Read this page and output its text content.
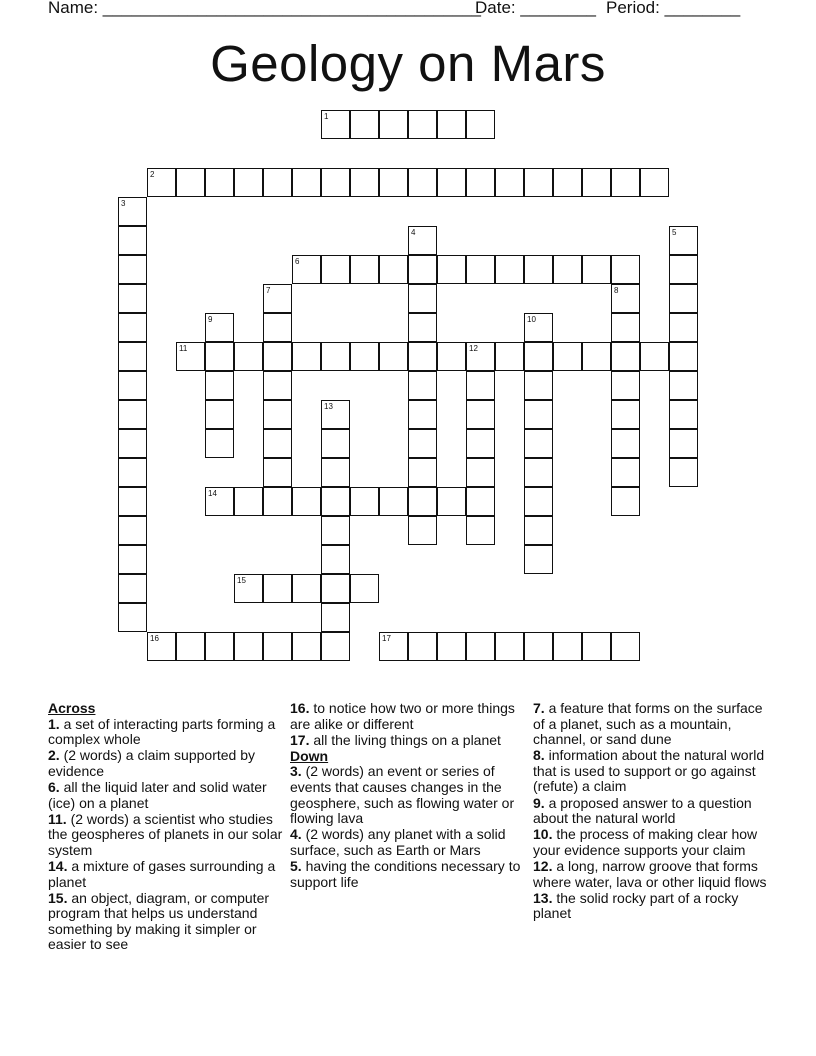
Name: ________________________________________
Date: ________ Period: ________
Geology on Mars
1
2
3
4	5
6
7	8
9	10
11	12
13
14
15
16	17
Across
1. a set of interacting parts forming a complex whole
2. (2 words) a claim supported by evidence
6. all the liquid later and solid water (ice) on a planet
11. (2 words) a scientist who studies the geospheres of planets in our solar system
14. a mixture of gases surrounding a planet
15. an object, diagram, or computer program that helps us understand something by making it simpler or easier to see
16. to notice how two or more things are alike or different
17. all the living things on a planet
Down
3. (2 words) an event or series of events that causes changes in the geosphere, such as flowing water or flowing lava
4. (2 words) any planet with a solid surface, such as Earth or Mars
5. having the conditions necessary to support life
7. a feature that forms on the surface of a planet, such as a mountain, channel, or sand dune
8. information about the natural world that is used to support or go against (refute) a claim
9. a proposed answer to a question about the natural world
10. the process of making clear how your evidence supports your claim
12. a long, narrow groove that forms where water, lava or other liquid flows
13. the solid rocky part of a rocky planet
